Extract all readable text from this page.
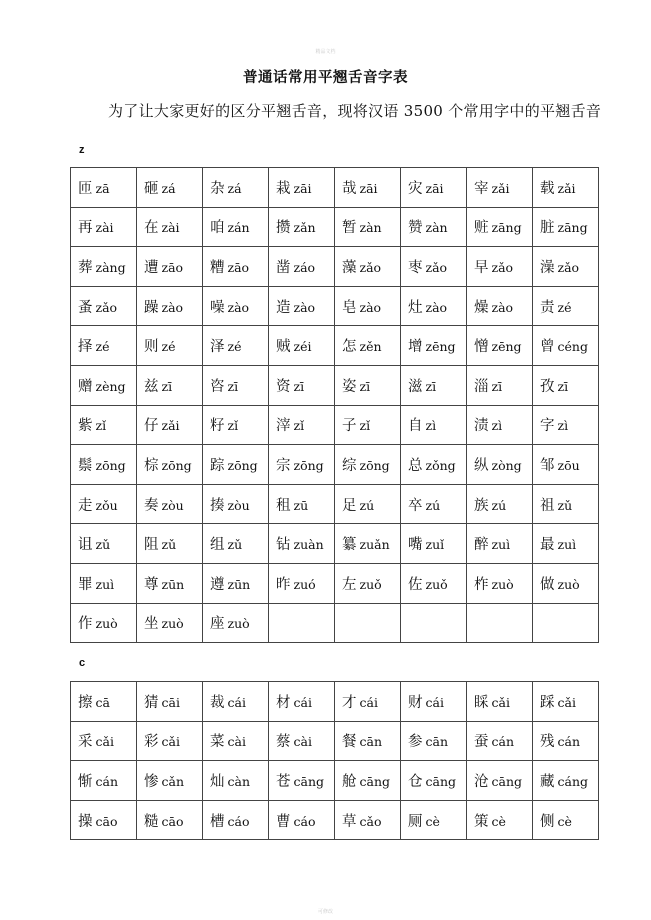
精品文档
普通话常用平翘舌音字表
为了让大家更好的区分平翘舌音，现将汉语 3500 个常用字中的平翘舌音
z
匝 zā	砸 zá	杂 zá	栽 zāi	哉 zāi	灾 zāi	宰 zǎi	载 zǎi
再 zài	在 zài	咱 zán	攒 zǎn	暂 zàn	赞 zàn	赃 zāng	脏 zāng
葬 zàng	遭 zāo	糟 zāo	凿 záo	藻 zǎo	枣 zǎo	早 zǎo	澡 zǎo
蚤 zǎo	躁 zào	噪 zào	造 zào	皂 zào	灶 zào	燥 zào	责 zé
择 zé	则 zé	泽 zé	贼 zéi	怎 zěn	增 zēng	憎 zēng	曾 céng
赠 zèng	兹 zī	咨 zī	资 zī	姿 zī	滋 zī	淄 zī	孜 zī
紫 zǐ	仔 zǎi	籽 zǐ	滓 zǐ	子 zǐ	自 zì	渍 zì	字 zì
鬃 zōng	棕 zōng	踪 zōng	宗 zōng	综 zōng	总 zǒng	纵 zòng	邹 zōu
走 zǒu	奏 zòu	揍 zòu	租 zū	足 zú	卒 zú	族 zú	祖 zǔ
诅 zǔ	阻 zǔ	组 zǔ	钻 zuàn	纂 zuǎn	嘴 zuǐ	醉 zuì	最 zuì
罪 zuì	尊 zūn	遵 zūn	昨 zuó	左 zuǒ	佐 zuǒ	柞 zuò	做 zuò
作 zuò	坐 zuò	座 zuò					
c
擦 cā	猜 cāi	裁 cái	材 cái	才 cái	财 cái	睬 cǎi	踩 cǎi
采 cǎi	彩 cǎi	菜 cài	蔡 cài	餐 cān	参 cān	蚕 cán	残 cán
惭 cán	惨 cǎn	灿 càn	苍 cāng	舱 cāng	仓 cāng	沧 cāng	藏 cáng
操 cāo	糙 cāo	槽 cáo	曹 cáo	草 cǎo	厕 cè	策 cè	侧 cè
可修改
